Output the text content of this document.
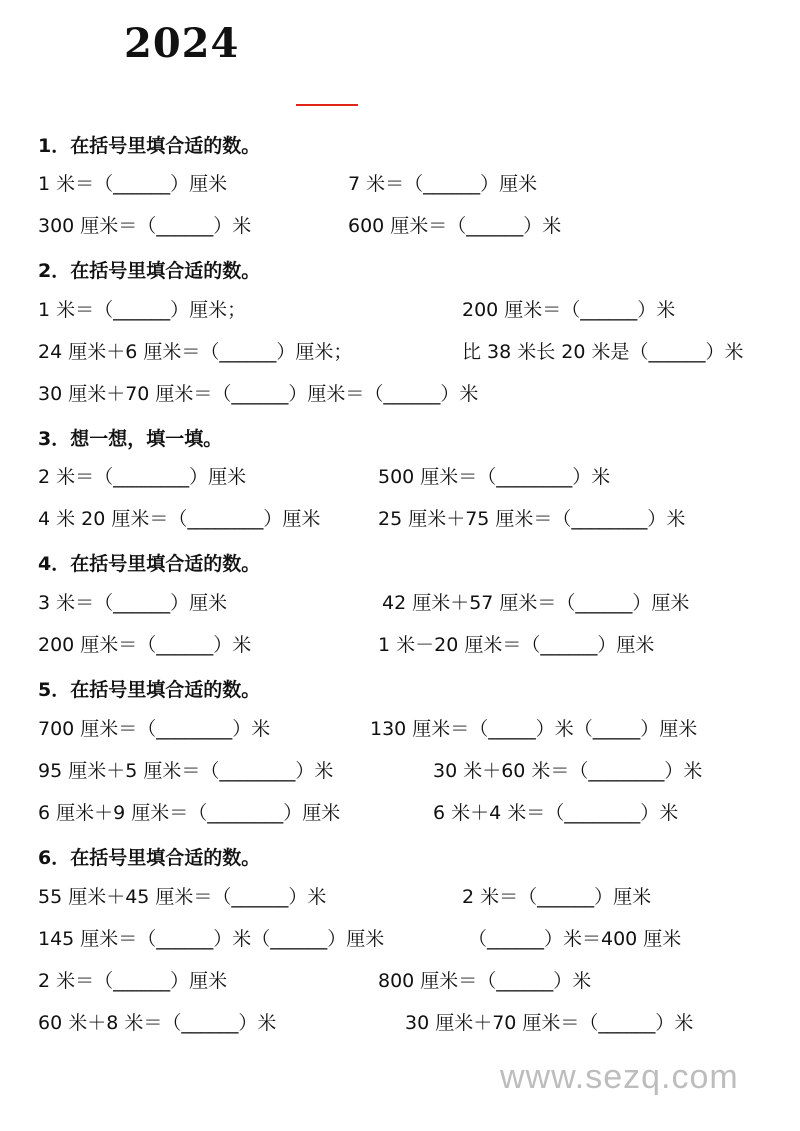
2024
1．在括号里填合适的数。
1 米＝（______）厘米	7 米＝（______）厘米
300 厘米＝（______）米	600 厘米＝（______）米
2．在括号里填合适的数。
1 米＝（______）厘米；	200 厘米＝（______）米
24 厘米＋6 厘米＝（______）厘米；	比 38 米长 20 米是（______）米
30 厘米＋70 厘米＝（______）厘米＝（______）米
3．想一想，填一填。
2 米＝（________）厘米	500 厘米＝（________）米
4 米 20 厘米＝（________）厘米	25 厘米＋75 厘米＝（________）米
4．在括号里填合适的数。
3 米＝（______）厘米	42 厘米＋57 厘米＝（______）厘米
200 厘米＝（______）米	1 米－20 厘米＝（______）厘米
5．在括号里填合适的数。
700 厘米＝（________）米	130 厘米＝（_____）米（_____）厘米
95 厘米＋5 厘米＝（________）米	30 米＋60 米＝（________）米
6 厘米＋9 厘米＝（________）厘米	6 米＋4 米＝（________）米
6．在括号里填合适的数。
55 厘米＋45 厘米＝（______）米	2 米＝（______）厘米
145 厘米＝（______）米（______）厘米	（______）米＝400 厘米
2 米＝（______）厘米	800 厘米＝（______）米
60 米＋8 米＝（______）米	30 厘米＋70 厘米＝（______）米
www.sezq.com
